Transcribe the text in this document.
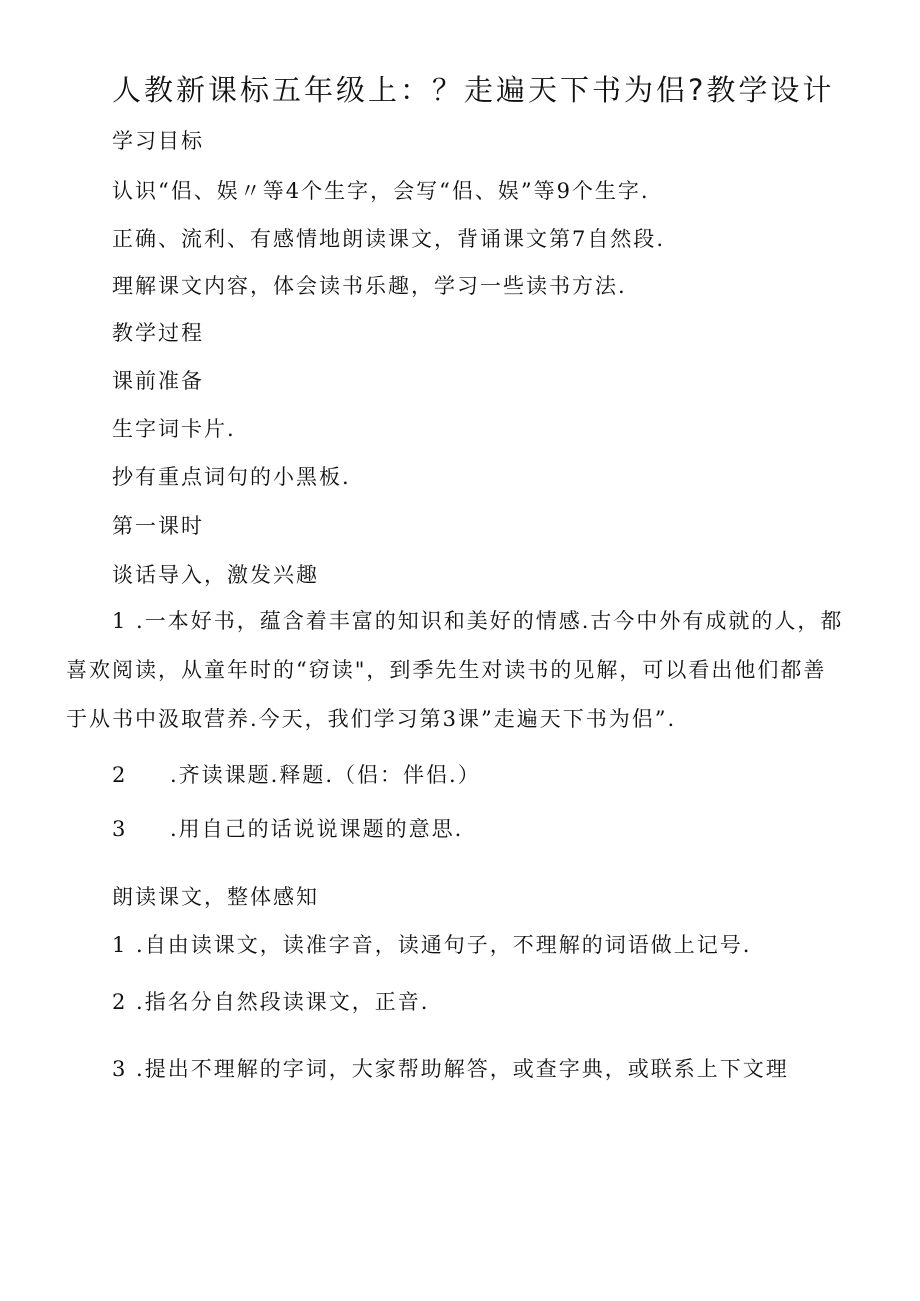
人教新课标五年级上：？走遍天下书为侣?教学设计
学习目标
认识“侣、娱〃等4个生字，会写“侣、娱”等9个生字.
正确、流利、有感情地朗读课文，背诵课文第7自然段.
理解课文内容，体会读书乐趣，学习一些读书方法.
教学过程
课前准备
生字词卡片.
抄有重点词句的小黑板.
第一课时
谈话导入，激发兴趣
1 .一本好书，蕴含着丰富的知识和美好的情感.古今中外有成就的人，都
喜欢阅读，从童年时的“窃读"，到季先生对读书的见解，可以看出他们都善
于从书中汲取营养.今天，我们学习第3课”走遍天下书为侣”.
2 .齐读课题.释题.（侣：伴侣.）
3 .用自己的话说说课题的意思.
朗读课文，整体感知
1 .自由读课文，读准字音，读通句子，不理解的词语做上记号.
2 .指名分自然段读课文，正音.
3 .提出不理解的字词，大家帮助解答，或查字典，或联系上下文理
